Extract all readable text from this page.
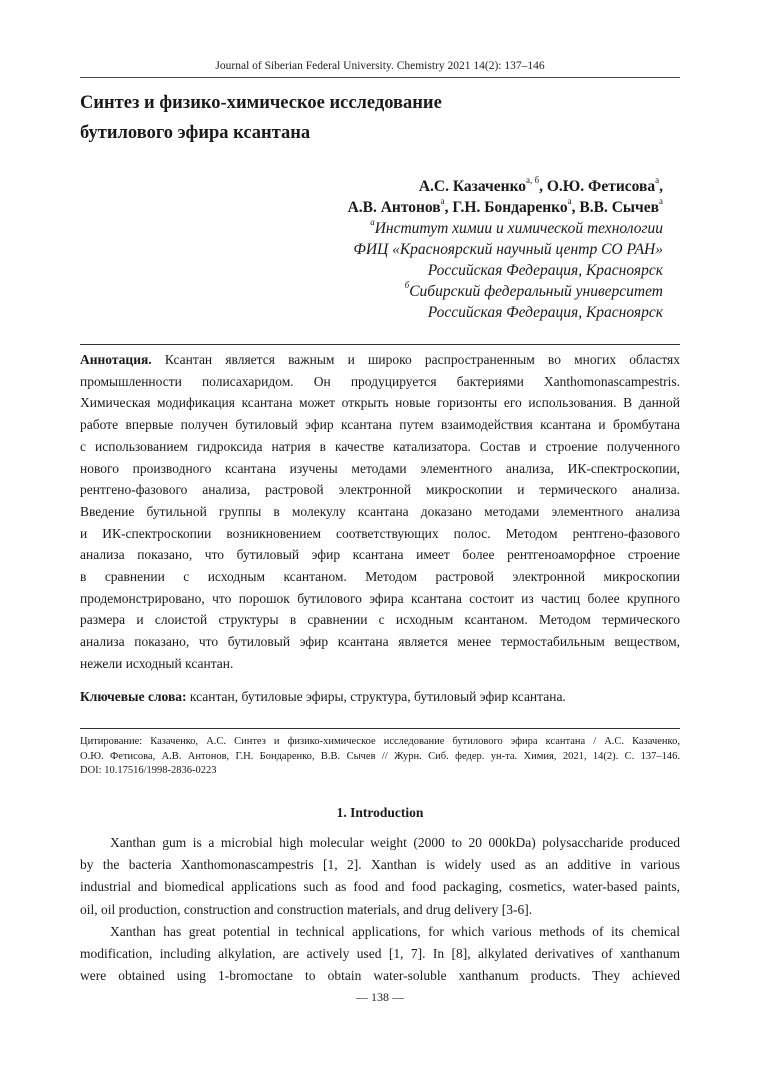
Journal of Siberian Federal University. Chemistry 2021 14(2): 137–146
Синтез и физико-химическое исследование
бутилового эфира ксантана
А.С. Казаченко$^{а, б}$, О.Ю. Фетисова$^а$,
А.В. Антонов$^а$, Г.Н. Бондаренко$^а$, В.В. Сычев$^а$
$^а$Институт химии и химической технологии
ФИЦ «Красноярский научный центр СО РАН»
Российская Федерация, Красноярск
$^б$Сибирский федеральный университет
Российская Федерация, Красноярск
Аннотация. Ксантан является важным и широко распространенным во многих областях
промышленности полисахаридом. Он продуцируется бактериями Xanthomonascampestris.
Химическая модификация ксантана может открыть новые горизонты его использования. В данной
работе впервые получен бутиловый эфир ксантана путем взаимодействия ксантана и бромбутана
с использованием гидроксида натрия в качестве катализатора. Состав и строение полученного
нового производного ксантана изучены методами элементного анализа, ИК-спектроскопии,
рентгено-фазового анализа, растровой электронной микроскопии и термического анализа.
Введение бутильной группы в молекулу ксантана доказано методами элементного анализа
и ИК-спектроскопии возникновением соответствующих полос. Методом рентгено-фазового
анализа показано, что бутиловый эфир ксантана имеет более рентгеноаморфное строение
в сравнении с исходным ксантаном. Методом растровой электронной микроскопии
продемонстрировано, что порошок бутилового эфира ксантана состоит из частиц более крупного
размера и слоистой структуры в сравнении с исходным ксантаном. Методом термического
анализа показано, что бутиловый эфир ксантана является менее термостабильным веществом,
нежели исходный ксантан.
Ключевые слова: ксантан, бутиловые эфиры, структура, бутиловый эфир ксантана.
Цитирование: Казаченко, А.С. Синтез и физико-химическое исследование бутилового эфира ксантана / А.С. Казаченко,
О.Ю. Фетисова, А.В. Антонов, Г.Н. Бондаренко, В.В. Сычев // Журн. Сиб. федер. ун-та. Химия, 2021, 14(2). С. 137–146.
DOI: 10.17516/1998-2836-0223
1. Introduction
Xanthan gum is a microbial high molecular weight (2000 to 20 000kDa) polysaccharide produced
by the bacteria Xanthomonascampestris [1, 2]. Xanthan is widely used as an additive in various
industrial and biomedical applications such as food and food packaging, cosmetics, water-based paints,
oil, oil production, construction and construction materials, and drug delivery [3-6].
Xanthan has great potential in technical applications, for which various methods of its chemical
modification, including alkylation, are actively used [1, 7]. In [8], alkylated derivatives of xanthanum
were obtained using 1-bromoctane to obtain water-soluble xanthanum products. They achieved
— 138 —
